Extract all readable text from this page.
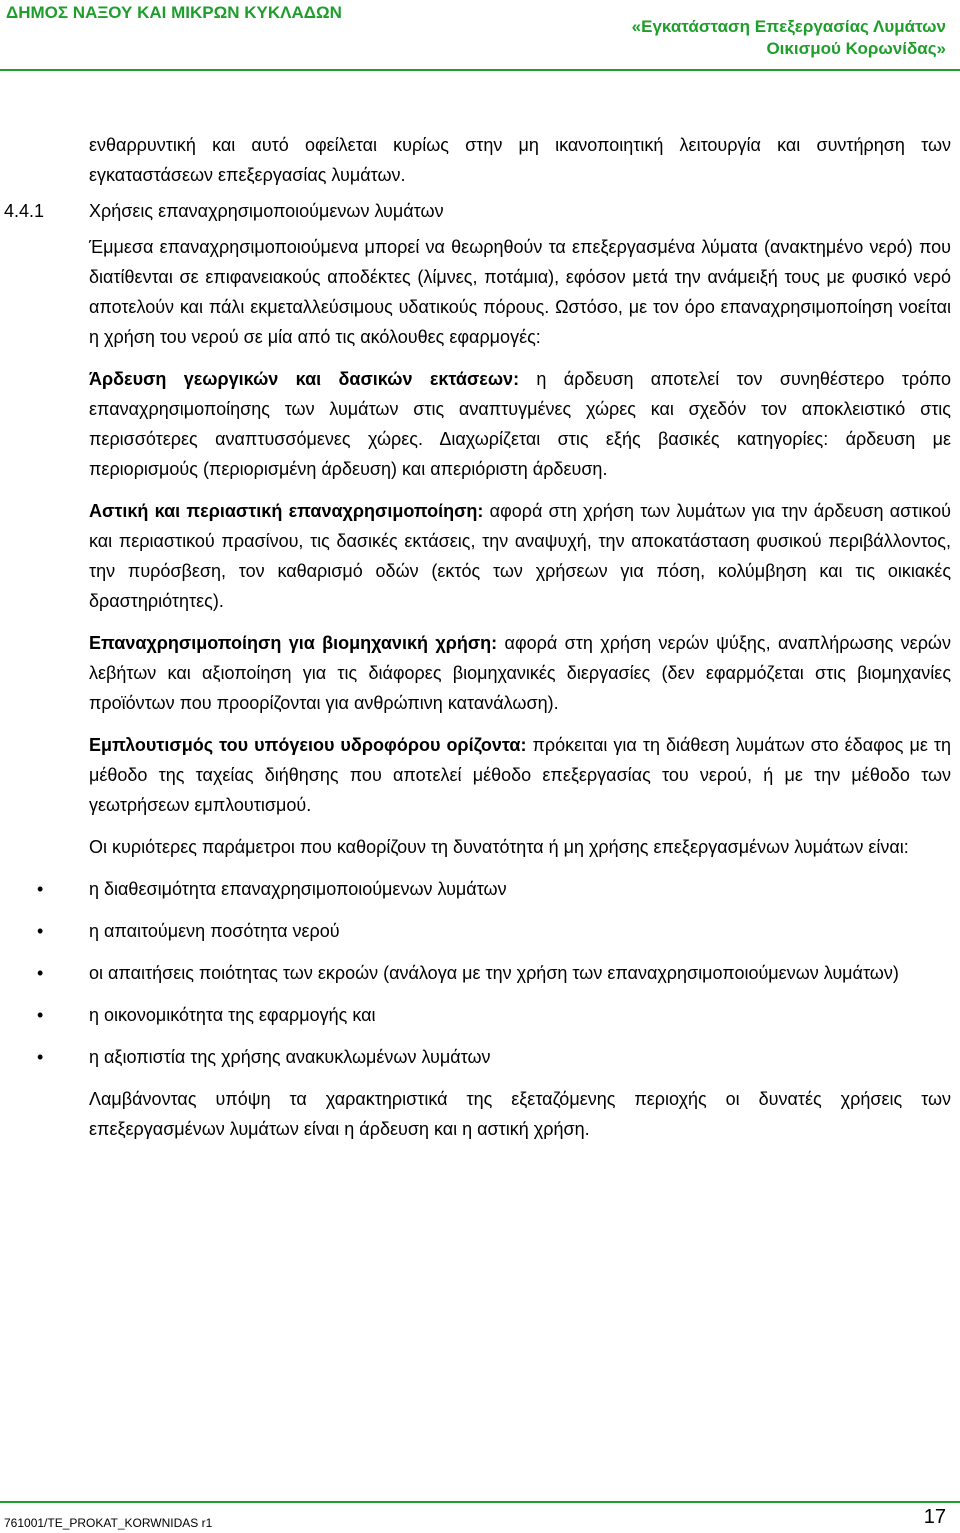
ΔΗΜΟΣ ΝΑΞΟΥ ΚΑΙ ΜΙΚΡΩΝ ΚΥΚΛΑΔΩΝ
«Εγκατάσταση Επεξεργασίας Λυμάτων
Οικισμού Κορωνίδας»

ενθαρρυντική και αυτό οφείλεται κυρίως στην μη ικανοποιητική λειτουργία και συντήρηση των εγκαταστάσεων επεξεργασίας λυμάτων.

4.4.1 Χρήσεις επαναχρησιμοποιούμενων λυμάτων

Έμμεσα επαναχρησιμοποιούμενα μπορεί να θεωρηθούν τα επεξεργασμένα λύματα (ανακτημένο νερό) που διατίθενται σε επιφανειακούς αποδέκτες (λίμνες, ποτάμια), εφόσον μετά την ανάμειξή τους με φυσικό νερό αποτελούν και πάλι εκμεταλλεύσιμους υδατικούς πόρους. Ωστόσο, με τον όρο επαναχρησιμοποίηση νοείται η χρήση του νερού σε μία από τις ακόλουθες εφαρμογές:

Άρδευση γεωργικών και δασικών εκτάσεων: η άρδευση αποτελεί τον συνηθέστερο τρόπο επαναχρησιμοποίησης των λυμάτων στις αναπτυγμένες χώρες και σχεδόν τον αποκλειστικό στις περισσότερες αναπτυσσόμενες χώρες. Διαχωρίζεται στις εξής βασικές κατηγορίες: άρδευση με περιορισμούς (περιορισμένη άρδευση) και απεριόριστη άρδευση.

Αστική και περιαστική επαναχρησιμοποίηση: αφορά στη χρήση των λυμάτων για την άρδευση αστικού και περιαστικού πρασίνου, τις δασικές εκτάσεις, την αναψυχή, την αποκατάσταση φυσικού περιβάλλοντος, την πυρόσβεση, τον καθαρισμό οδών (εκτός των χρήσεων για πόση, κολύμβηση και τις οικιακές δραστηριότητες).

Επαναχρησιμοποίηση για βιομηχανική χρήση: αφορά στη χρήση νερών ψύξης, αναπλήρωσης νερών λεβήτων και αξιοποίηση για τις διάφορες βιομηχανικές διεργασίες (δεν εφαρμόζεται στις βιομηχανίες προϊόντων που προορίζονται για ανθρώπινη κατανάλωση).

Εμπλουτισμός του υπόγειου υδροφόρου ορίζοντα: πρόκειται για τη διάθεση λυμάτων στο έδαφος με τη μέθοδο της ταχείας διήθησης που αποτελεί μέθοδο επεξεργασίας του νερού, ή με την μέθοδο των γεωτρήσεων εμπλουτισμού.

Οι κυριότερες παράμετροι που καθορίζουν τη δυνατότητα ή μη χρήσης επεξεργασμένων λυμάτων είναι:

•	η διαθεσιμότητα επαναχρησιμοποιούμενων λυμάτων
•	η απαιτούμενη ποσότητα νερού
•	οι απαιτήσεις ποιότητας των εκροών (ανάλογα με την χρήση των επαναχρησιμοποιούμενων λυμάτων)
•	η οικονομικότητα της εφαρμογής και
•	η αξιοπιστία της χρήσης ανακυκλωμένων λυμάτων

Λαμβάνοντας υπόψη τα χαρακτηριστικά της εξεταζόμενης περιοχής οι δυνατές χρήσεις των επεξεργασμένων λυμάτων είναι η άρδευση και η αστική χρήση.

761001/TE_PROKAT_KORWNIDAS r1	17
